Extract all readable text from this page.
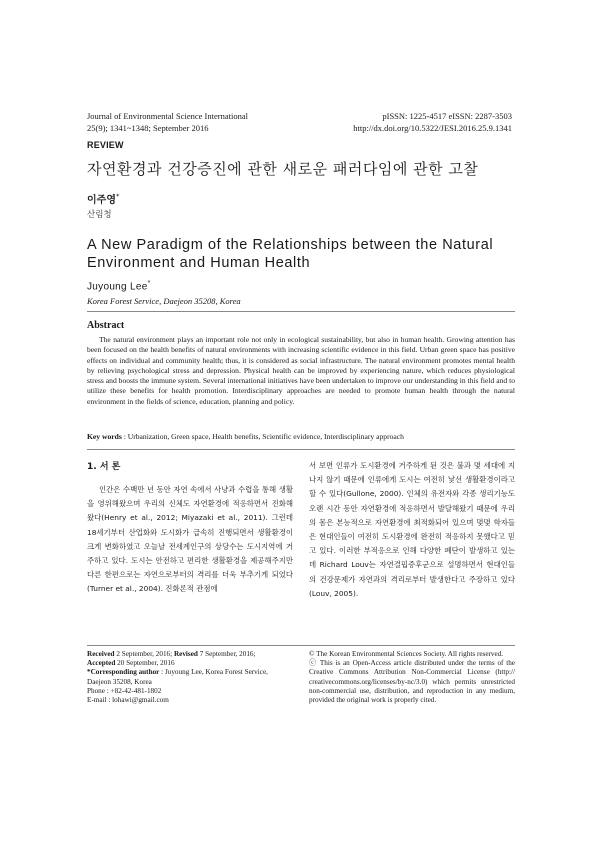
Journal of Environmental Science International
25(9); 1341~1348; September 2016
pISSN: 1225-4517 eISSN: 2287-3503
http://dx.doi.org/10.5322/JESI.2016.25.9.1341
REVIEW
자연환경과 건강증진에 관한 새로운 패러다임에 관한 고찰
이주영*
산림청
A New Paradigm of the Relationships between the Natural
Environment and Human Health
Juyoung Lee*
Korea Forest Service, Daejeon 35208, Korea
Abstract
The natural environment plays an important role not only in ecological sustainability, but also in human health. Growing attention has been focused on the health benefits of natural environments with increasing scientific evidence in this field. Urban green space has positive effects on individual and community health; thus, it is considered as social infrastructure. The natural environment promotes mental health by relieving psychological stress and depression. Physical health can be improved by experiencing nature, which reduces physiological stress and boosts the immune system. Several international initiatives have been undertaken to improve our understanding in this field and to utilize these benefits for health promotion. Interdisciplinary approaches are needed to promote human health through the natural environment in the fields of science, education, planning and policy.
Key words : Urbanization, Green space, Health benefits, Scientific evidence, Interdisciplinary approach
1. 서 론
인간은 수백만 년 동안 자연 속에서 사냥과 수렵을 통해 생활을 영위해왔으며 우리의 신체도 자연환경에 적응하면서 진화해왔다(Henry et al., 2012; Miyazaki et al., 2011). 그런데 18세기부터 산업화와 도시화가 급속히 진행되면서 생활환경이 크게 변화하였고 오늘날 전세계인구의 상당수는 도시지역에 거주하고 있다. 도시는 안전하고 편리한 생활환경을 제공해주지만 다른 한편으로는 자연으로부터의 격리를 더욱 부추기게 되었다(Turner et al., 2004). 진화론적 관점에
서 보면 인류가 도시환경에 거주하게 된 것은 불과 몇 세대에 지나지 않기 때문에 인류에게 도시는 여전히 낯선 생활환경이라고 할 수 있다(Gullone, 2000). 인체의 유전자와 각종 생리기능도 오랜 시간 동안 자연환경에 적응하면서 발달해왔기 때문에 우리의 몸은 본능적으로 자연환경에 최적화되어 있으며 몇몇 학자들은 현대인들이 여전히 도시환경에 완전히 적응하지 못했다고 믿고 있다. 이러한 부적응으로 인해 다양한 폐단이 발생하고 있는데 Richard Louv는 자연결핍증후군으로 설명하면서 현대인들의 건강문제가 자연과의 격리로부터 발생한다고 주장하고 있다(Louv, 2005).
Received 2 September, 2016; Revised 7 September, 2016;
Accepted 20 September, 2016
*Corresponding author : Juyoung Lee, Korea Forest Service, Daejeon 35208, Korea
Phone : +82-42-481-1802
E-mail : lohawi@gmail.com
© The Korean Environmental Sciences Society. All rights reserved.
ⓒ This is an Open-Access article distributed under the terms of the Creative Commons Attribution Non-Commercial License (http:// creativecommons.org/licenses/by-nc/3.0) which permits unrestricted non-commercial use, distribution, and reproduction in any medium, provided the original work is properly cited.
